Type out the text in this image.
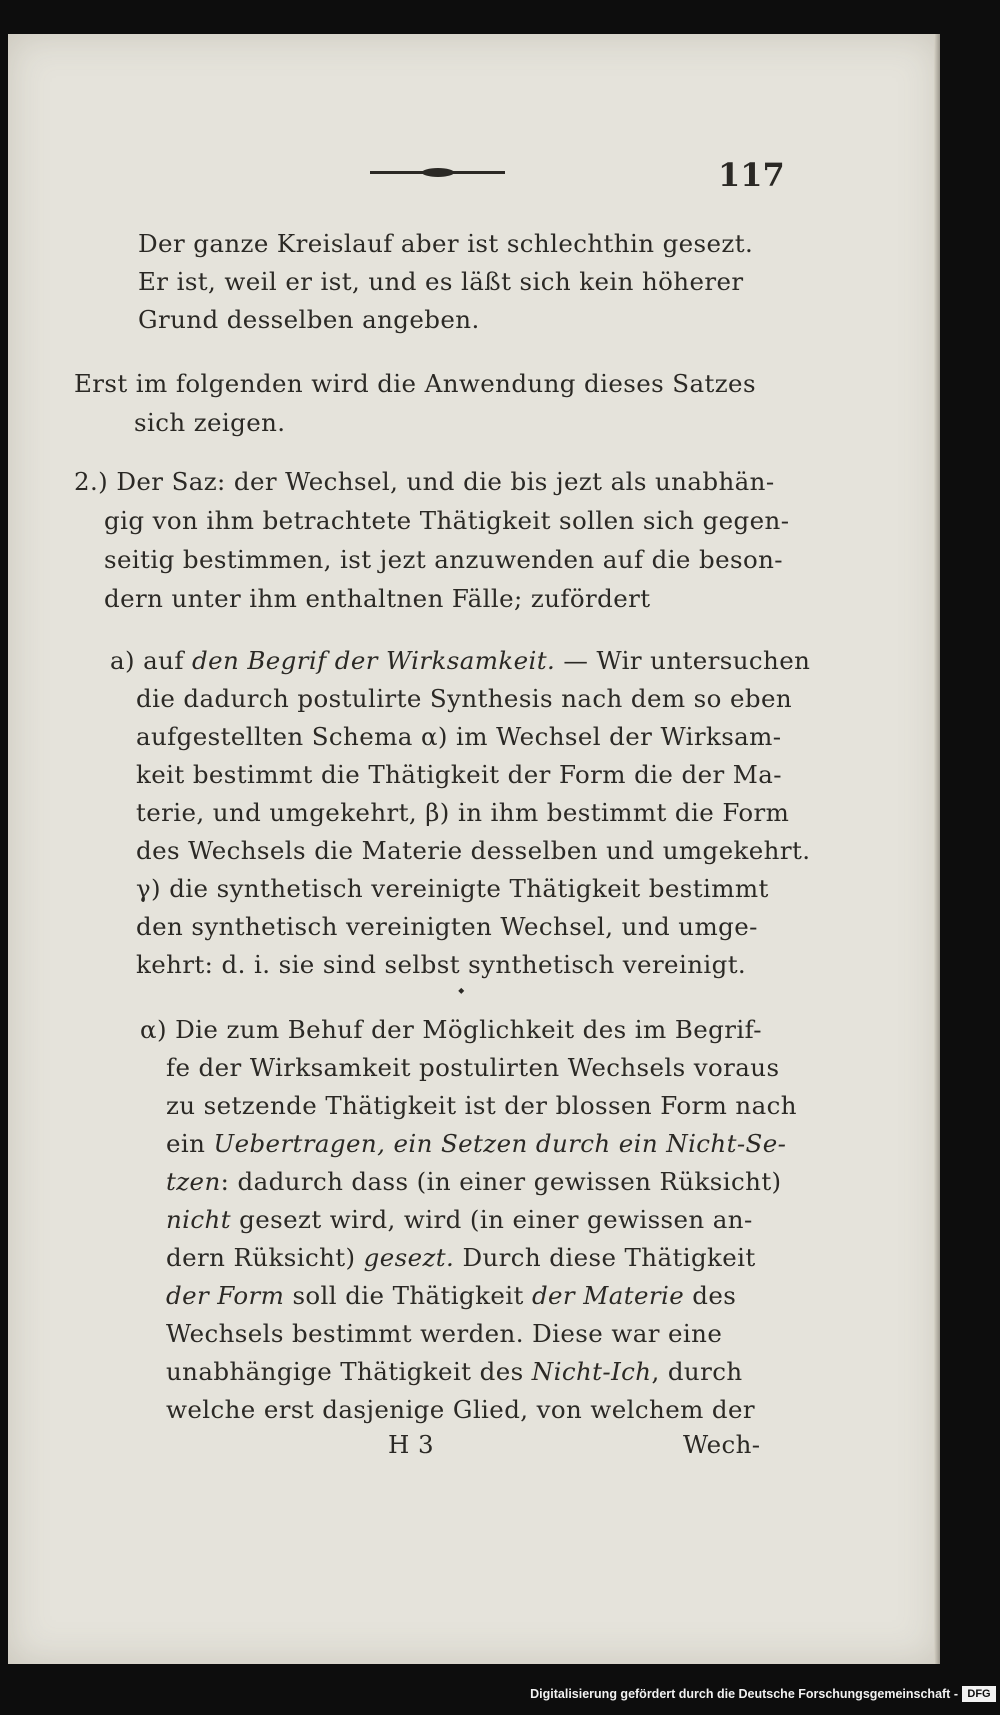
117
Der ganze Kreislauf aber ist schlechthin gesezt.
Er ist, weil er ist, und es läßt sich kein höherer
Grund desselben angeben.
Erst im folgenden wird die Anwendung dieses Satzes
sich zeigen.
2.) Der Saz: der Wechsel, und die bis jezt als unabhän-
gig von ihm betrachtete Thätigkeit sollen sich gegen-
seitig bestimmen, ist jezt anzuwenden auf die beson-
dern unter ihm enthaltnen Fälle; zufördert
a) auf den Begrif der Wirksamkeit. — Wir untersuchen
die dadurch postulirte Synthesis nach dem so eben
aufgestellten Schema α) im Wechsel der Wirksam-
keit bestimmt die Thätigkeit der Form die der Ma-
terie, und umgekehrt, β) in ihm bestimmt die Form
des Wechsels die Materie desselben und umgekehrt.
γ) die synthetisch vereinigte Thätigkeit bestimmt
den synthetisch vereinigten Wechsel, und umge-
kehrt: d. i. sie sind selbst synthetisch vereinigt.
⬩
α) Die zum Behuf der Möglichkeit des im Begrif-
fe der Wirksamkeit postulirten Wechsels voraus
zu setzende Thätigkeit ist der blossen Form nach
ein Uebertragen, ein Setzen durch ein Nicht-Se-
tzen: dadurch dass (in einer gewissen Rüksicht)
nicht gesezt wird, wird (in einer gewissen an-
dern Rüksicht) gesezt. Durch diese Thätigkeit
der Form soll die Thätigkeit der Materie des
Wechsels bestimmt werden. Diese war eine
unabhängige Thätigkeit des Nicht-Ich, durch
welche erst dasjenige Glied, von welchem der
H 3	Wech-
Digitalisierung gefördert durch die Deutsche Forschungsgemeinschaft - DFG
